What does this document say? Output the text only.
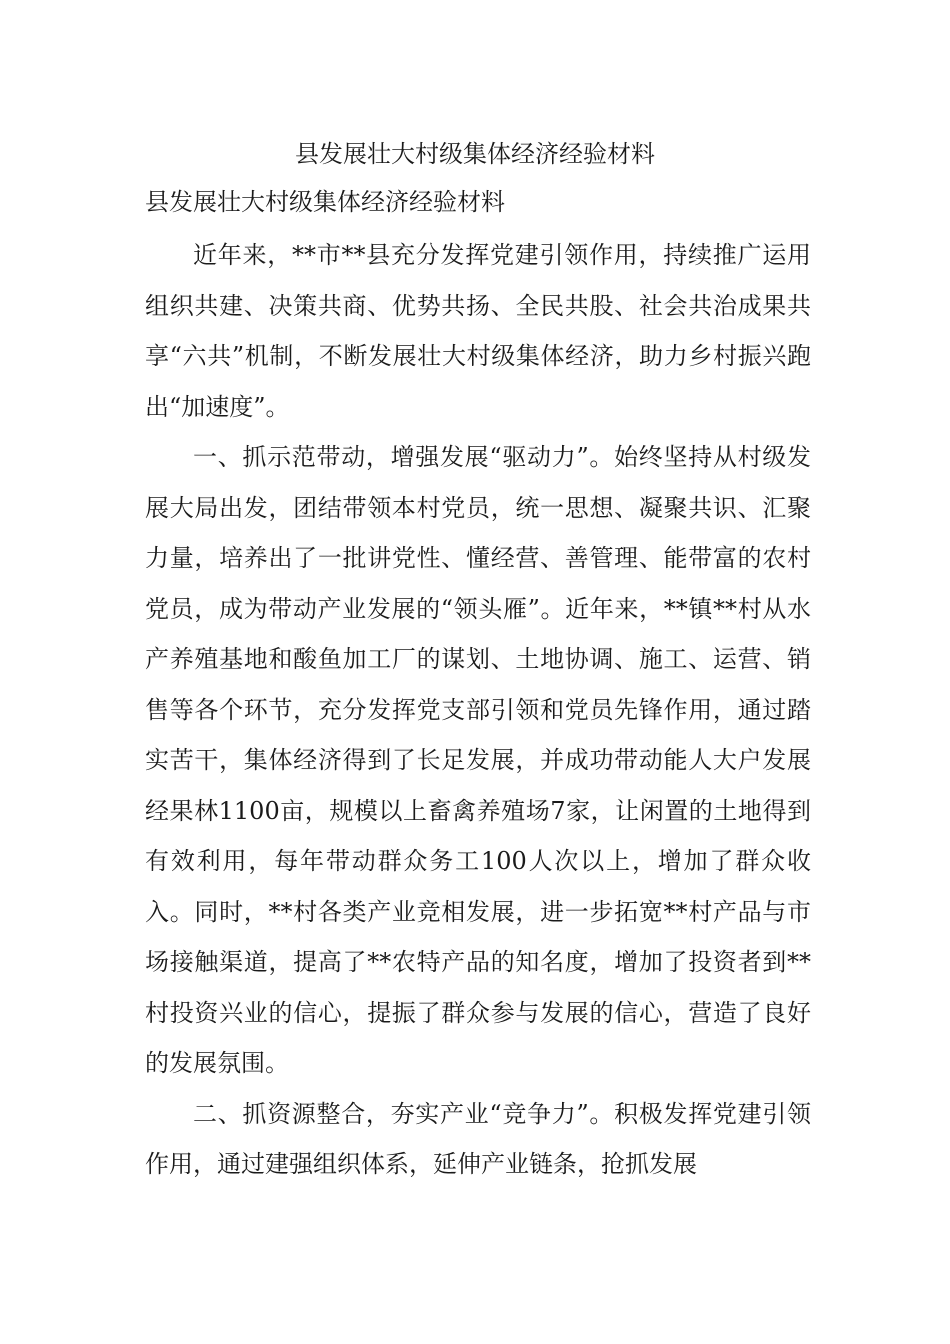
县发展壮大村级集体经济经验材料
县发展壮大村级集体经济经验材料

近年来，**市**县充分发挥党建引领作用，持续推广运用组织共建、决策共商、优势共扬、全民共股、社会共治成果共享“六共”机制，不断发展壮大村级集体经济，助力乡村振兴跑出“加速度”。

一、抓示范带动，增强发展“驱动力”。始终坚持从村级发展大局出发，团结带领本村党员，统一思想、凝聚共识、汇聚力量，培养出了一批讲党性、懂经营、善管理、能带富的农村党员，成为带动产业发展的“领头雁”。近年来，**镇**村从水产养殖基地和酸鱼加工厂的谋划、土地协调、施工、运营、销售等各个环节，充分发挥党支部引领和党员先锋作用，通过踏实苦干，集体经济得到了长足发展，并成功带动能人大户发展经果林1100亩，规模以上畜禽养殖场7家，让闲置的土地得到有效利用，每年带动群众务工100人次以上，增加了群众收入。同时，**村各类产业竞相发展，进一步拓宽**村产品与市场接触渠道，提高了**农特产品的知名度，增加了投资者到**村投资兴业的信心，提振了群众参与发展的信心，营造了良好的发展氛围。

二、抓资源整合，夯实产业“竞争力”。积极发挥党建引领作用，通过建强组织体系，延伸产业链条，抢抓发展
